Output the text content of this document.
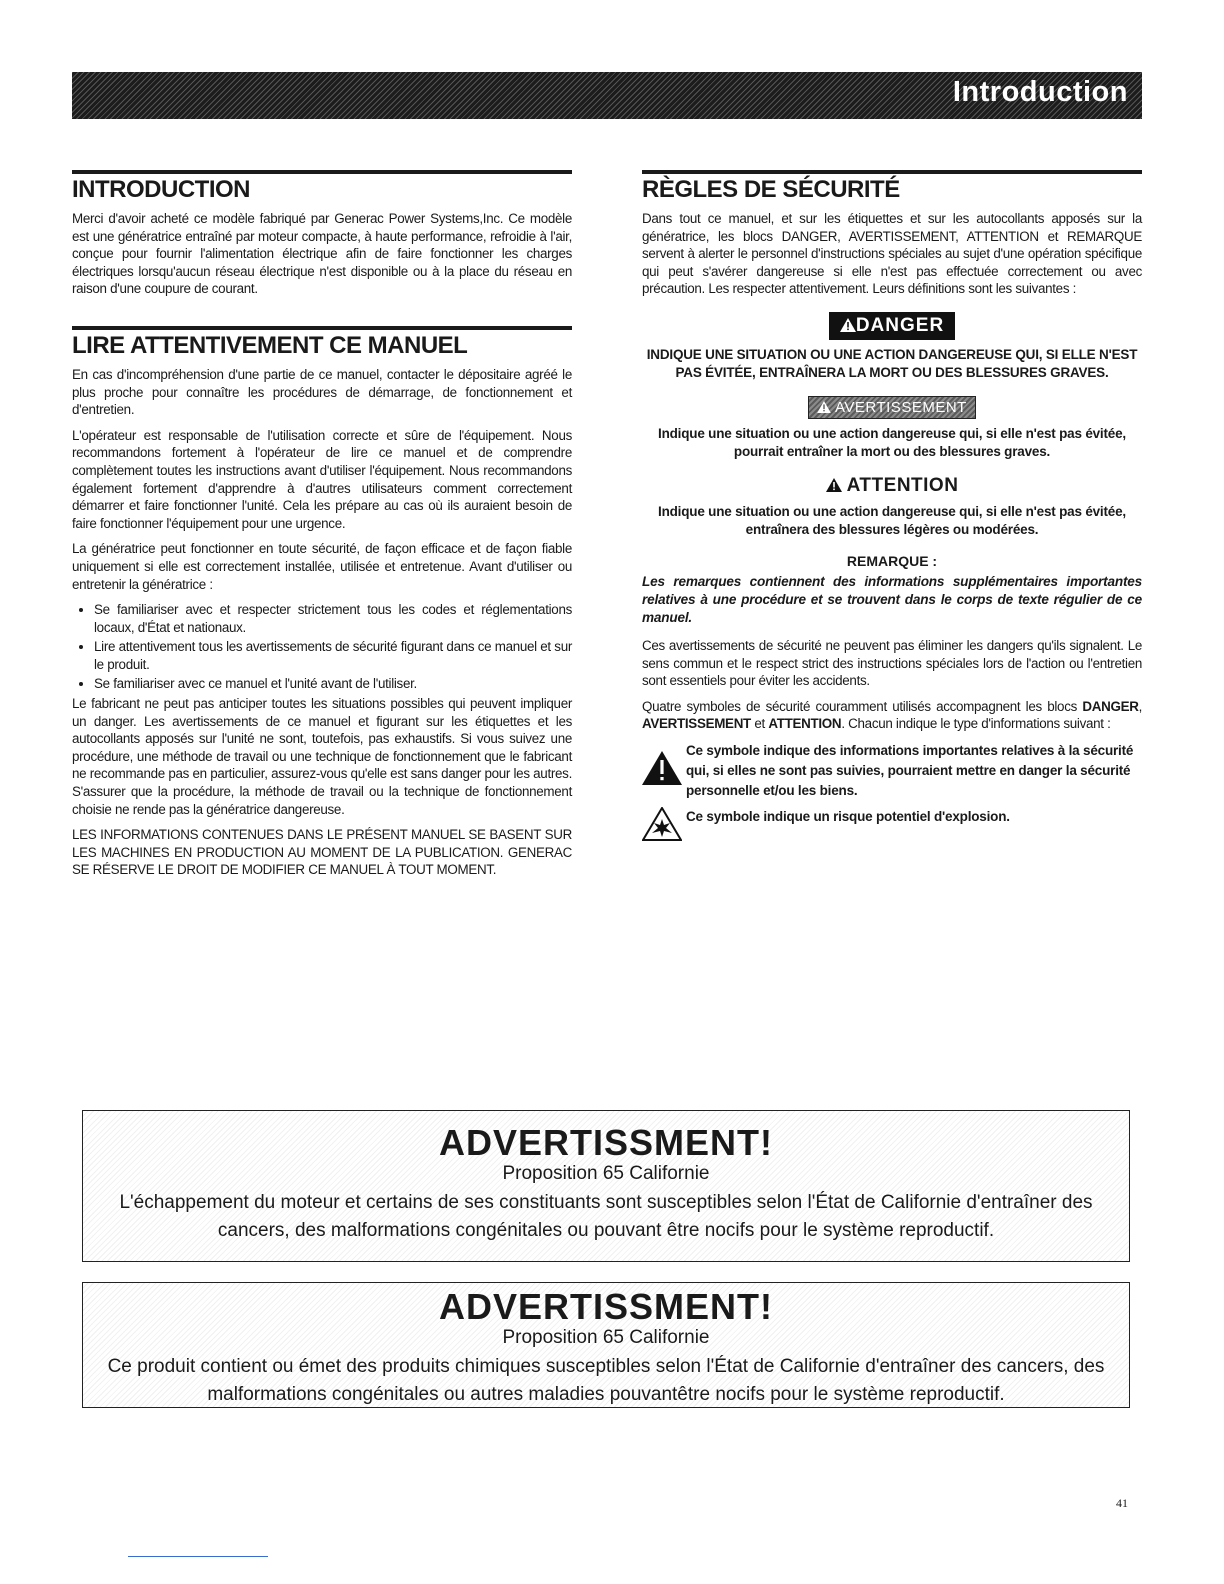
Introduction
INTRODUCTION

Merci d'avoir acheté ce modèle fabriqué par Generac Power Systems,Inc. Ce modèle est une génératrice entraîné par moteur compacte, à haute performance, refroidie à l'air, conçue pour fournir l'alimentation électrique afin de faire fonctionner les charges électriques lorsqu'aucun réseau électrique n'est disponible ou à la place du réseau en raison d'une coupure de courant.

LIRE ATTENTIVEMENT CE MANUEL

En cas d'incompréhension d'une partie de ce manuel, contacter le dépositaire agréé le plus proche pour connaître les procédures de démarrage, de fonctionnement et d'entretien.

L'opérateur est responsable de l'utilisation correcte et sûre de l'équipement. Nous recommandons fortement à l'opérateur de lire ce manuel et de comprendre complètement toutes les instructions avant d'utiliser l'équipement. Nous recommandons également fortement d'apprendre à d'autres utilisateurs comment correctement démarrer et faire fonctionner l'unité. Cela les prépare au cas où ils auraient besoin de faire fonctionner l'équipement pour une urgence.

La génératrice peut fonctionner en toute sécurité, de façon efficace et de façon fiable uniquement si elle est correctement installée, utilisée et entretenue. Avant d'utiliser ou entretenir la génératrice :

• Se familiariser avec et respecter strictement tous les codes et réglementations locaux, d'État et nationaux.
• Lire attentivement tous les avertissements de sécurité figurant dans ce manuel et sur le produit.
• Se familiariser avec ce manuel et l'unité avant de l'utiliser.

Le fabricant ne peut pas anticiper toutes les situations possibles qui peuvent impliquer un danger. Les avertissements de ce manuel et figurant sur les étiquettes et les autocollants apposés sur l'unité ne sont, toutefois, pas exhaustifs. Si vous suivez une procédure, une méthode de travail ou une technique de fonctionnement que le fabricant ne recommande pas en particulier, assurez-vous qu'elle est sans danger pour les autres. S'assurer que la procédure, la méthode de travail ou la technique de fonctionnement choisie ne rende pas la génératrice dangereuse.

LES INFORMATIONS CONTENUES DANS LE PRÉSENT MANUEL SE BASENT SUR LES MACHINES EN PRODUCTION AU MOMENT DE LA PUBLICATION. GENERAC SE RÉSERVE LE DROIT DE MODIFIER CE MANUEL À TOUT MOMENT.

RÈGLES DE SÉCURITÉ

Dans tout ce manuel, et sur les étiquettes et sur les autocollants apposés sur la génératrice, les blocs DANGER, AVERTISSEMENT, ATTENTION et REMARQUE servent à alerter le personnel d'instructions spéciales au sujet d'une opération spécifique qui peut s'avérer dangereuse si elle n'est pas effectuée correctement ou avec précaution. Les respecter attentivement. Leurs définitions sont les suivantes :

DANGER
INDIQUE UNE SITUATION OU UNE ACTION DANGEREUSE QUI, SI ELLE N'EST PAS ÉVITÉE, ENTRAÎNERA LA MORT OU DES BLESSURES GRAVES.
AVERTISSEMENT
Indique une situation ou une action dangereuse qui, si elle n'est pas évitée, pourrait entraîner la mort ou des blessures graves.
ATTENTION
Indique une situation ou une action dangereuse qui, si elle n'est pas évitée, entraînera des blessures légères ou modérées.
REMARQUE :
Les remarques contiennent des informations supplémentaires importantes relatives à une procédure et se trouvent dans le corps de texte régulier de ce manuel.

Ces avertissements de sécurité ne peuvent pas éliminer les dangers qu'ils signalent. Le sens commun et le respect strict des instructions spéciales lors de l'action ou l'entretien sont essentiels pour éviter les accidents.

Quatre symboles de sécurité couramment utilisés accompagnent les blocs DANGER, AVERTISSEMENT et ATTENTION. Chacun indique le type d'informations suivant :

Ce symbole indique des informations importantes relatives à la sécurité qui, si elles ne sont pas suivies, pourraient mettre en danger la sécurité personnelle et/ou les biens.
Ce symbole indique un risque potentiel d'explosion.
ADVERTISSMENT!
Proposition 65 Californie
L'échappement du moteur et certains de ses constituants sont susceptibles selon l'État de Californie d'entraîner des cancers, des malformations congénitales ou pouvant être nocifs pour le système reproductif.
ADVERTISSMENT!
Proposition 65 Californie
Ce produit contient ou émet des produits chimiques susceptibles selon l'État de Californie d'entraîner des cancers, des malformations congénitales ou autres maladies pouvantêtre nocifs pour le système reproductif.
41
